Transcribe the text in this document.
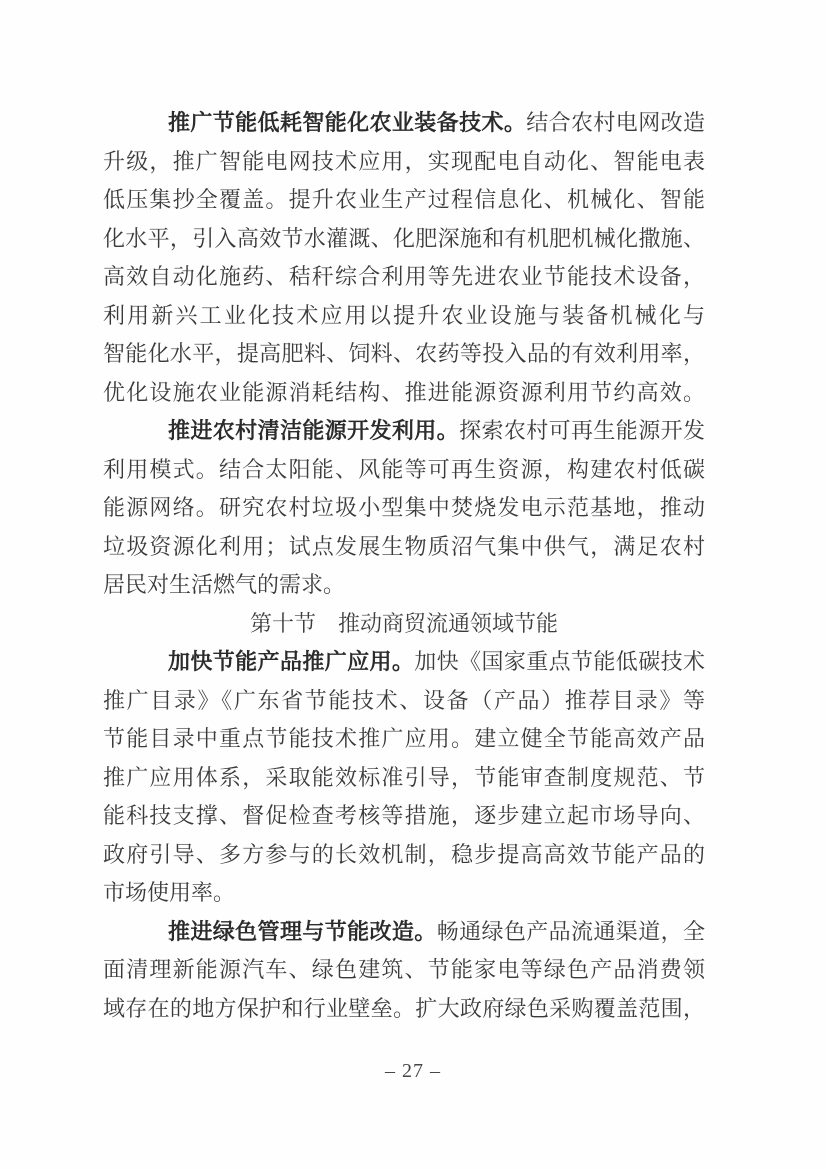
推广节能低耗智能化农业装备技术。结合农村电网改造
升级，推广智能电网技术应用，实现配电自动化、智能电表
低压集抄全覆盖。提升农业生产过程信息化、机械化、智能
化水平，引入高效节水灌溉、化肥深施和有机肥机械化撒施、
高效自动化施药、秸秆综合利用等先进农业节能技术设备，
利用新兴工业化技术应用以提升农业设施与装备机械化与
智能化水平，提高肥料、饲料、农药等投入品的有效利用率，
优化设施农业能源消耗结构、推进能源资源利用节约高效。
推进农村清洁能源开发利用。探索农村可再生能源开发
利用模式。结合太阳能、风能等可再生资源，构建农村低碳
能源网络。研究农村垃圾小型集中焚烧发电示范基地，推动
垃圾资源化利用；试点发展生物质沼气集中供气，满足农村
居民对生活燃气的需求。
第十节　推动商贸流通领域节能
加快节能产品推广应用。加快《国家重点节能低碳技术
推广目录》《广东省节能技术、设备（产品）推荐目录》等
节能目录中重点节能技术推广应用。建立健全节能高效产品
推广应用体系，采取能效标准引导，节能审查制度规范、节
能科技支撑、督促检查考核等措施，逐步建立起市场导向、
政府引导、多方参与的长效机制，稳步提高高效节能产品的
市场使用率。
推进绿色管理与节能改造。畅通绿色产品流通渠道，全
面清理新能源汽车、绿色建筑、节能家电等绿色产品消费领
域存在的地方保护和行业壁垒。扩大政府绿色采购覆盖范围，
– 27 –
